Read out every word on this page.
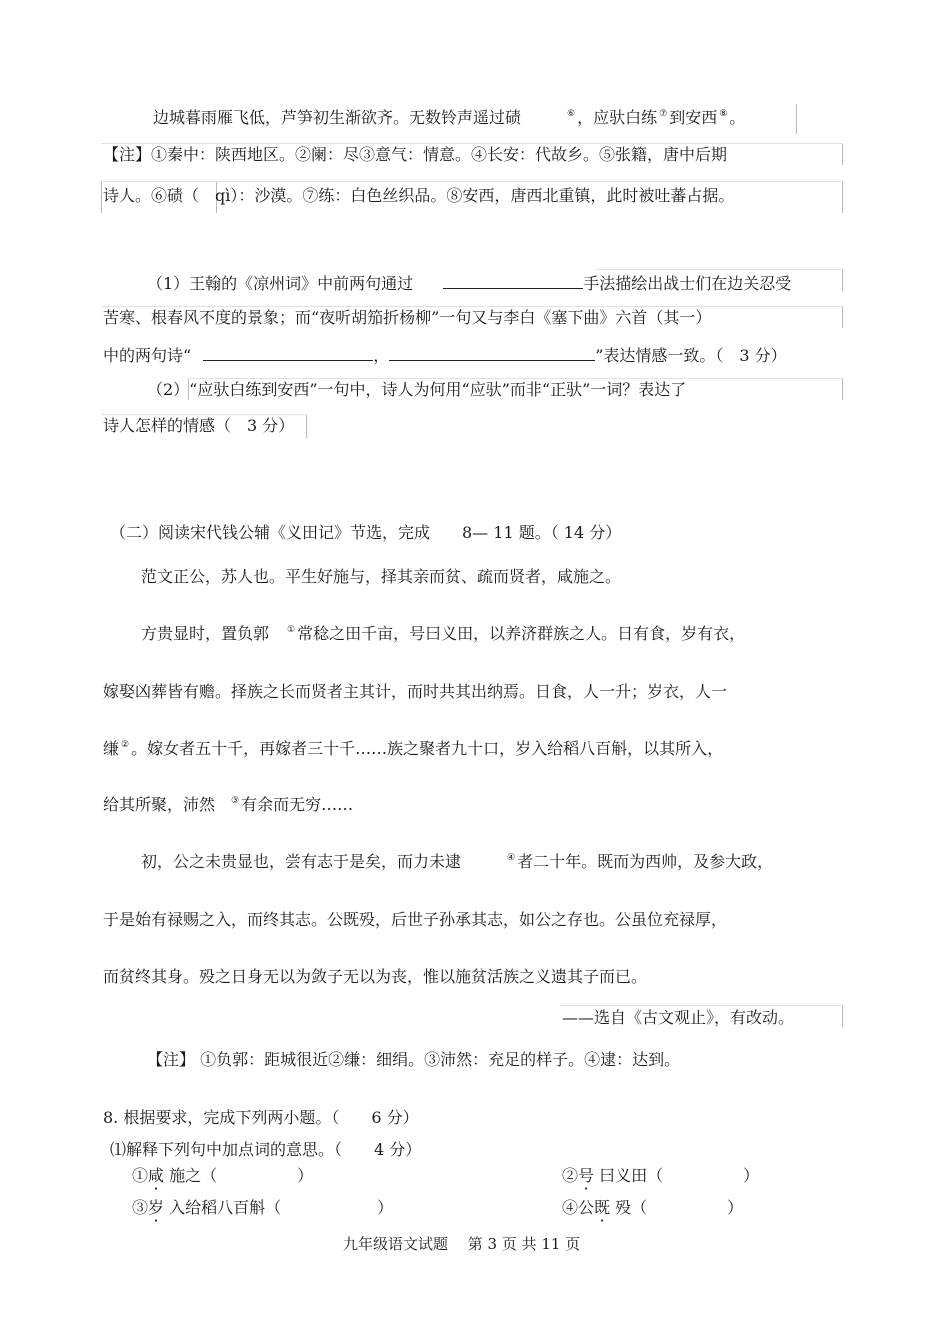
边城暮雨雁飞低，芦笋初生渐欲齐。无数铃声遥过碛	⑥ ，应驮白练 ⑦ 到安西 ⑧ 。
【注】①秦中：陕西地区。②阑：尽③意气：情意。④长安：代故乡。⑤张籍，唐中后期
诗人。⑥碛（　qì）：沙漠。⑦练：白色丝织品。⑧安西，唐西北重镇，此时被吐蕃占据。
（1）王翰的《凉州词》中前两句通过	手法描绘出战士们在边关忍受
苦寒、根春风不度的景象；而“夜听胡笳折杨柳”一句又与李白《塞下曲》六首（其一）
中的两句诗“	，	”表达情感一致。（　3 分）
（2）“应驮白练到安西”一句中，诗人为何用“应驮”而非“正驮”一词？表达了
诗人怎样的情感（　3 分）
（二）阅读宋代钱公辅《义田记》节选，完成　　8— 11 题。（ 14 分）
范文正公，苏人也。平生好施与，择其亲而贫、疏而贤者，咸施之。
方贵显时，置负郭 ① 常稔之田千亩，号曰义田，以养济群族之人。日有食，岁有衣，
嫁娶凶葬皆有赡。择族之长而贤者主其计，而时共其出纳焉。日食，人一升；岁衣，人一
缣 ② 。嫁女者五十千，再嫁者三十千……族之聚者九十口，岁入给稻八百斛，以其所入，
给其所聚，沛然 ③ 有余而无穷……
初，公之未贵显也，尝有志于是矣，而力未逮	④ 者二十年。既而为西帅，及参大政，
于是始有禄赐之入，而终其志。公既殁，后世子孙承其志，如公之存也。公虽位充禄厚，
而贫终其身。殁之日身无以为敛子无以为丧，惟以施贫活族之义遗其子而已。
——选自《古文观止》，有改动。
【注】 ①负郭：距城很近②缣：细绢。③沛然：充足的样子。④逮：达到。
8. 根据要求，完成下列两小题。（　　6 分）
⑴解释下列句中加点词的意思。（　　4 分）
①咸 施之（　　　　　）	②号 曰义田（　　　　　）
③岁 入给稻八百斛（　　　　　　）	④公既 殁（　　　　　）
九年级语文试题　 第 3 页 共 11 页
